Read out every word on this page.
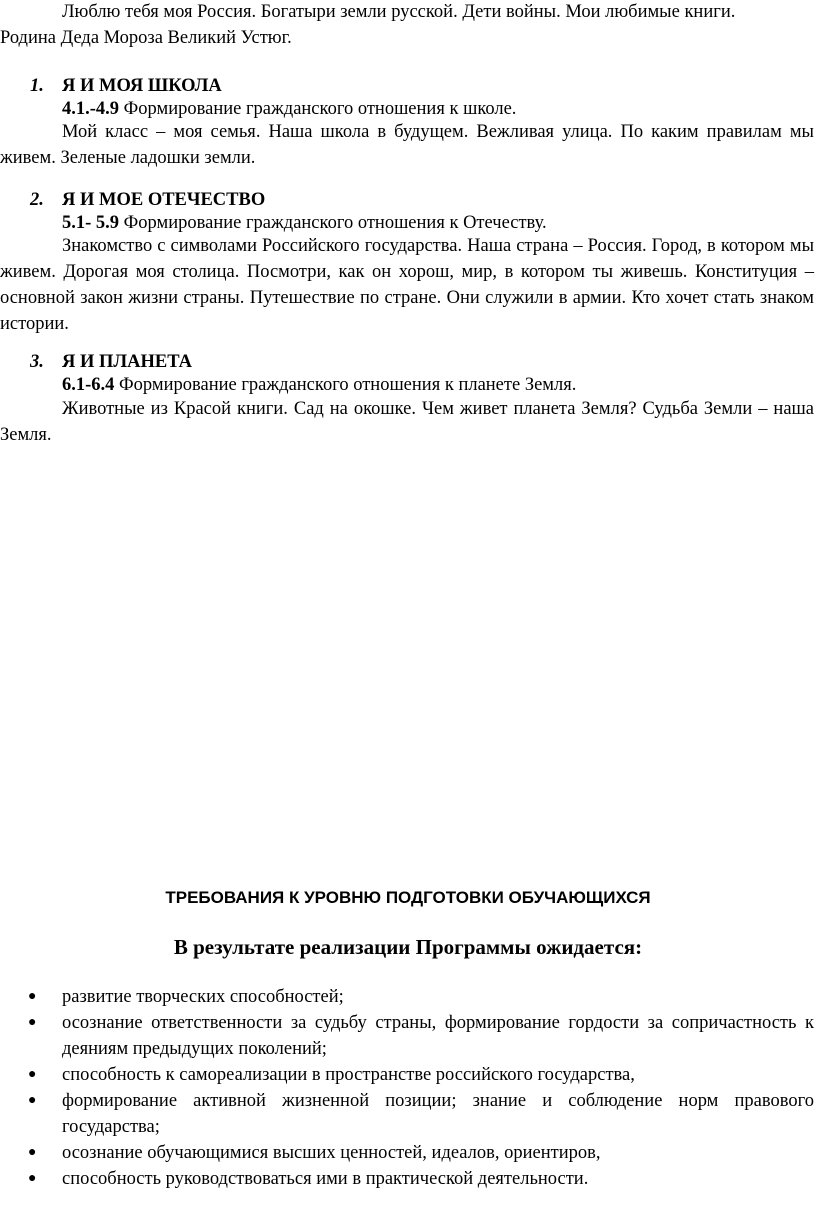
Люблю тебя моя Россия. Богатыри земли русской. Дети войны. Мои любимые книги.
Родина Деда Мороза Великий Устюг.
1. Я И МОЯ ШКОЛА
4.1.-4.9 Формирование гражданского отношения к школе.
Мой класс – моя семья. Наша школа в будущем. Вежливая улица. По каким правилам мы живем. Зеленые ладошки земли.
2. Я И МОЕ ОТЕЧЕСТВО
5.1- 5.9 Формирование гражданского отношения к Отечеству.
Знакомство с символами Российского государства. Наша страна – Россия. Город, в котором мы живем. Дорогая моя столица. Посмотри, как он хорош, мир, в котором ты живешь. Конституция – основной закон жизни страны. Путешествие по стране. Они служили в армии. Кто хочет стать знаком истории.
3. Я И ПЛАНЕТА
6.1-6.4 Формирование гражданского отношения к планете Земля.
Животные из Красой книги. Сад на окошке. Чем живет планета Земля? Судьба Земли – наша Земля.
ТРЕБОВАНИЯ К УРОВНЮ ПОДГОТОВКИ ОБУЧАЮЩИХСЯ
В результате реализации Программы ожидается:
● развитие творческих способностей;
● осознание ответственности за судьбу страны, формирование гордости за сопричастность к деяниям предыдущих поколений;
● способность к самореализации в пространстве российского государства,
● формирование активной жизненной позиции; знание и соблюдение норм правового государства;
● осознание обучающимися высших ценностей, идеалов, ориентиров,
● способность руководствоваться ими в практической деятельности.
